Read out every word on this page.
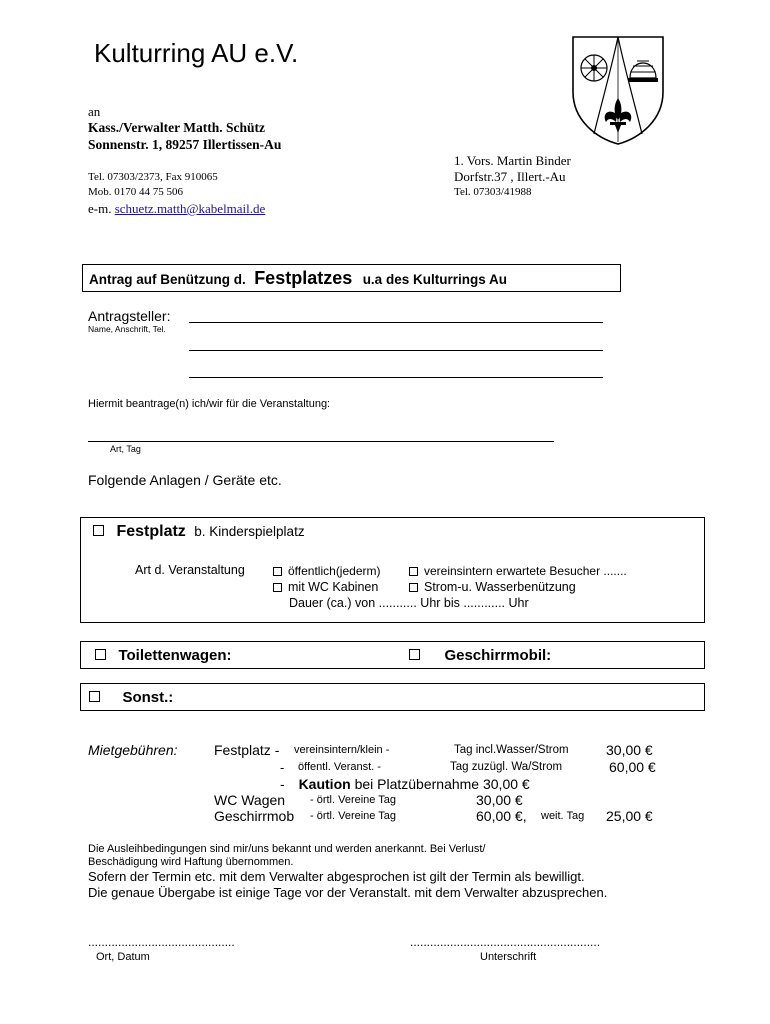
Kulturring AU e.V.
an
Kass./Verwalter Matth. Schütz
Sonnenstr. 1, 89257 Illertissen-Au
Tel. 07303/2373, Fax 910065
Mob. 0170 44 75 506
e-m. schuetz.matth@kabelmail.de
1. Vors. Martin Binder
Dorfstr.37 , Illert.-Au
Tel. 07303/41988
Antrag auf Benützung d. Festplatzes u.a des Kulturrings Au
Antragsteller:
Name, Anschrift, Tel.
Hiermit beantrage(n) ich/wir für die Veranstaltung:
Art, Tag
Folgende Anlagen / Geräte etc.
Festplatz b. Kinderspielplatz
Art d. Veranstaltung	öffentlich(jederm)	vereinsintern erwartete Besucher .......
mit WC Kabinen	Strom-u. Wasserbenützung
Dauer (ca.) von ........... Uhr bis ............ Uhr
Toilettenwagen:	Geschirrmobil:
Sonst.:
Mietgebühren:	Festplatz - vereinsintern/klein -	Tag incl.Wasser/Strom	30,00 €
- öffentl. Veranst. -	Tag zuzügl. Wa/Strom	60,00 €
- Kaution bei Platzübernahme 30,00 €
WC Wagen - örtl. Vereine Tag	30,00 €
Geschirrmob - örtl. Vereine Tag	60,00 €, weit. Tag 25,00 €
Die Ausleihbedingungen sind mir/uns bekannt und werden anerkannt. Bei Verlust/
Beschädigung wird Haftung übernommen.
Sofern der Termin etc. mit dem Verwalter abgesprochen ist gilt der Termin als bewilligt.
Die genaue Übergabe ist einige Tage vor der Veranstalt. mit dem Verwalter abzusprechen.
............................................	.........................................................
Ort, Datum	Unterschrift
